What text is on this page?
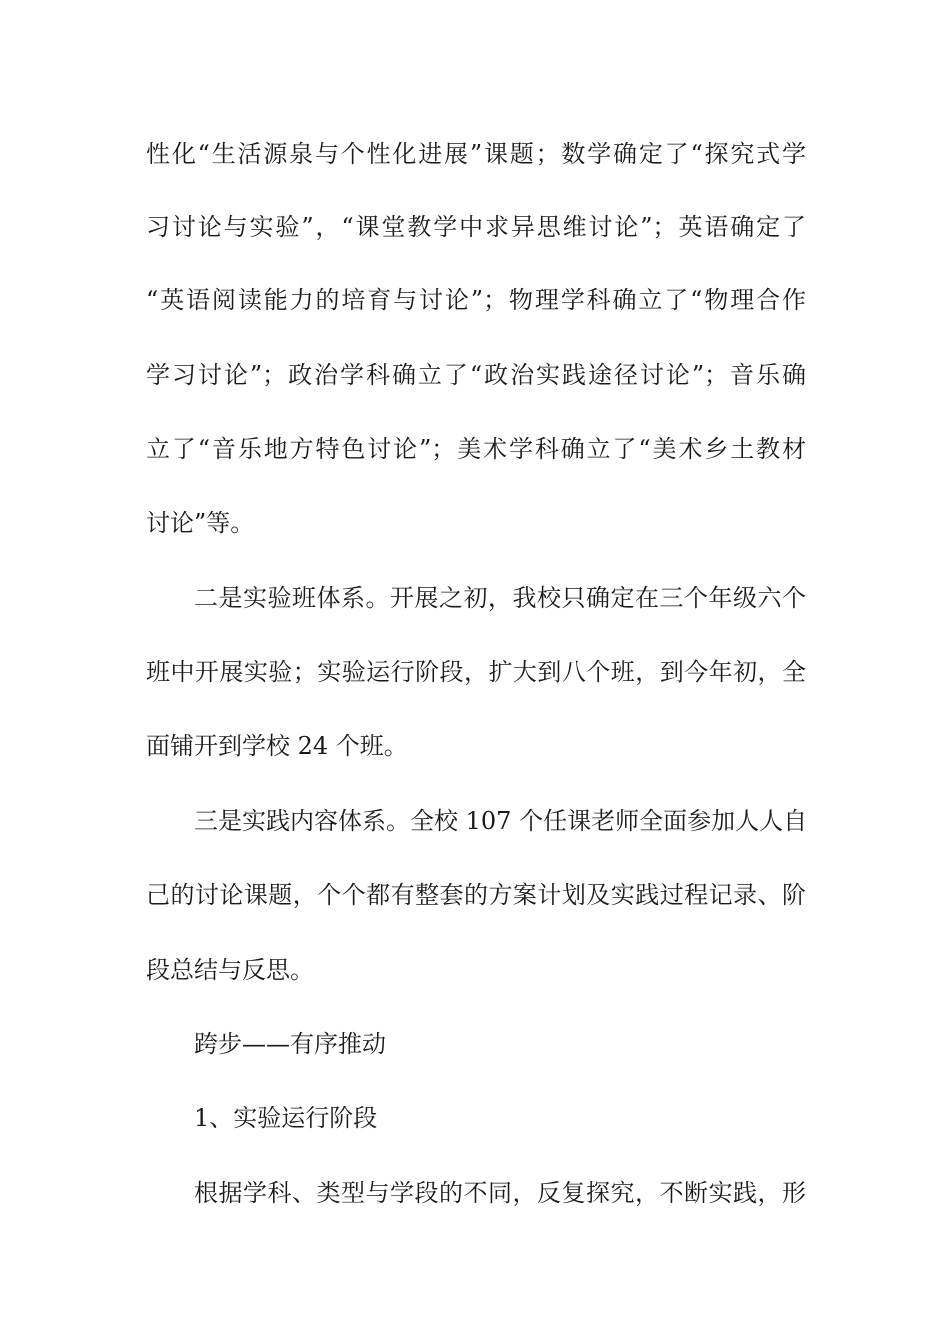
性化“生活源泉与个性化进展”课题；数学确定了“探究式学
习讨论与实验”，“课堂教学中求异思维讨论”；英语确定了
“英语阅读能力的培育与讨论”；物理学科确立了“物理合作
学习讨论”；政治学科确立了“政治实践途径讨论”；音乐确
立了“音乐地方特色讨论”；美术学科确立了“美术乡土教材
讨论”等。
二是实验班体系。开展之初，我校只确定在三个年级六个
班中开展实验；实验运行阶段，扩大到八个班，到今年初，全
面铺开到学校 24 个班。
三是实践内容体系。全校 107 个任课老师全面参加人人自
己的讨论课题，个个都有整套的方案计划及实践过程记录、阶
段总结与反思。
跨步——有序推动
1、实验运行阶段
根据学科、类型与学段的不同，反复探究，不断实践，形
